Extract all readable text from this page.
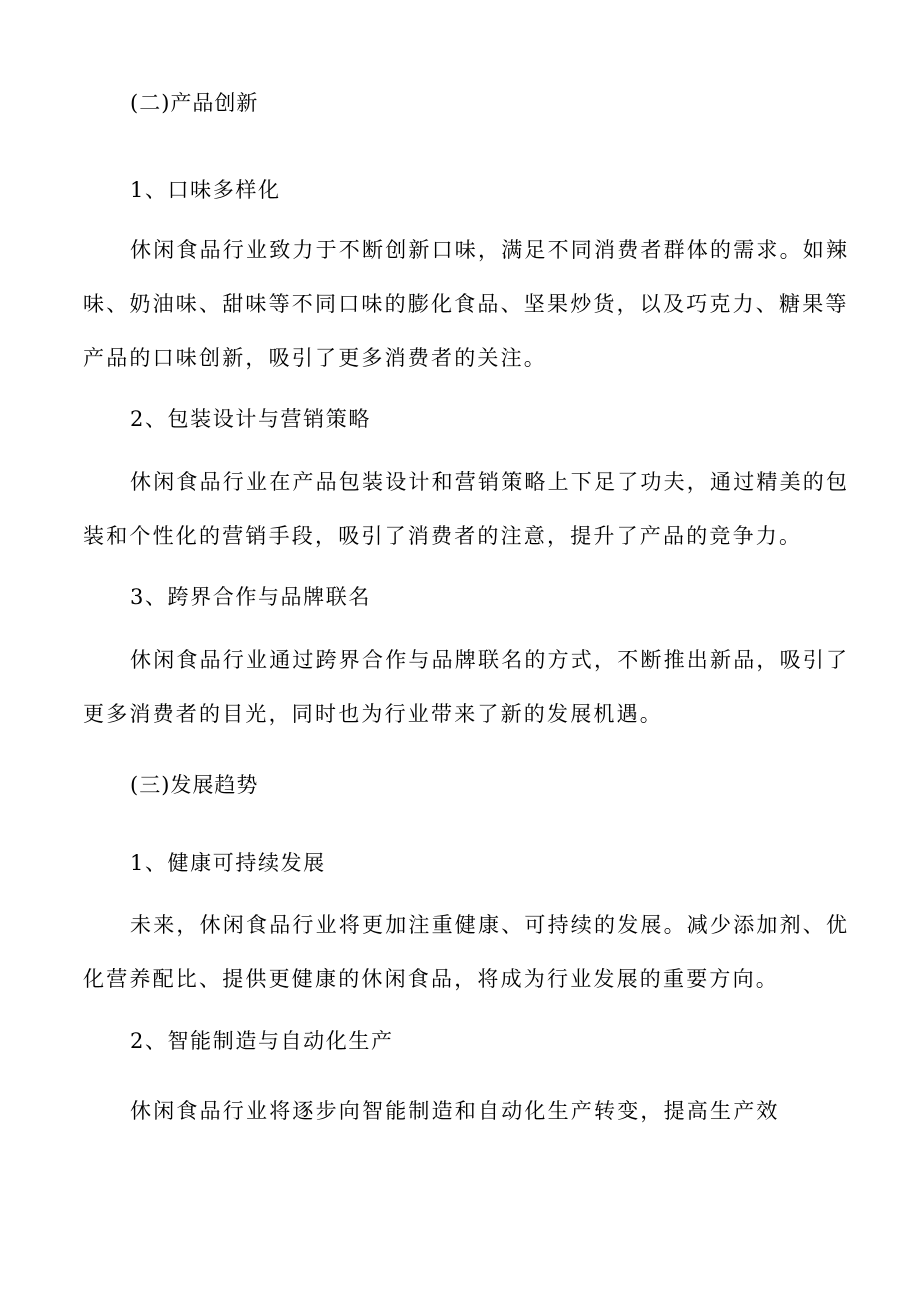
(二)产品创新
1、口味多样化
休闲食品行业致力于不断创新口味，满足不同消费者群体的需求。如辣
味、奶油味、甜味等不同口味的膨化食品、坚果炒货，以及巧克力、糖果等
产品的口味创新，吸引了更多消费者的关注。
2、包装设计与营销策略
休闲食品行业在产品包装设计和营销策略上下足了功夫，通过精美的包
装和个性化的营销手段，吸引了消费者的注意，提升了产品的竞争力。
3、跨界合作与品牌联名
休闲食品行业通过跨界合作与品牌联名的方式，不断推出新品，吸引了
更多消费者的目光，同时也为行业带来了新的发展机遇。
(三)发展趋势
1、健康可持续发展
未来，休闲食品行业将更加注重健康、可持续的发展。减少添加剂、优
化营养配比、提供更健康的休闲食品，将成为行业发展的重要方向。
2、智能制造与自动化生产
休闲食品行业将逐步向智能制造和自动化生产转变，提高生产效
